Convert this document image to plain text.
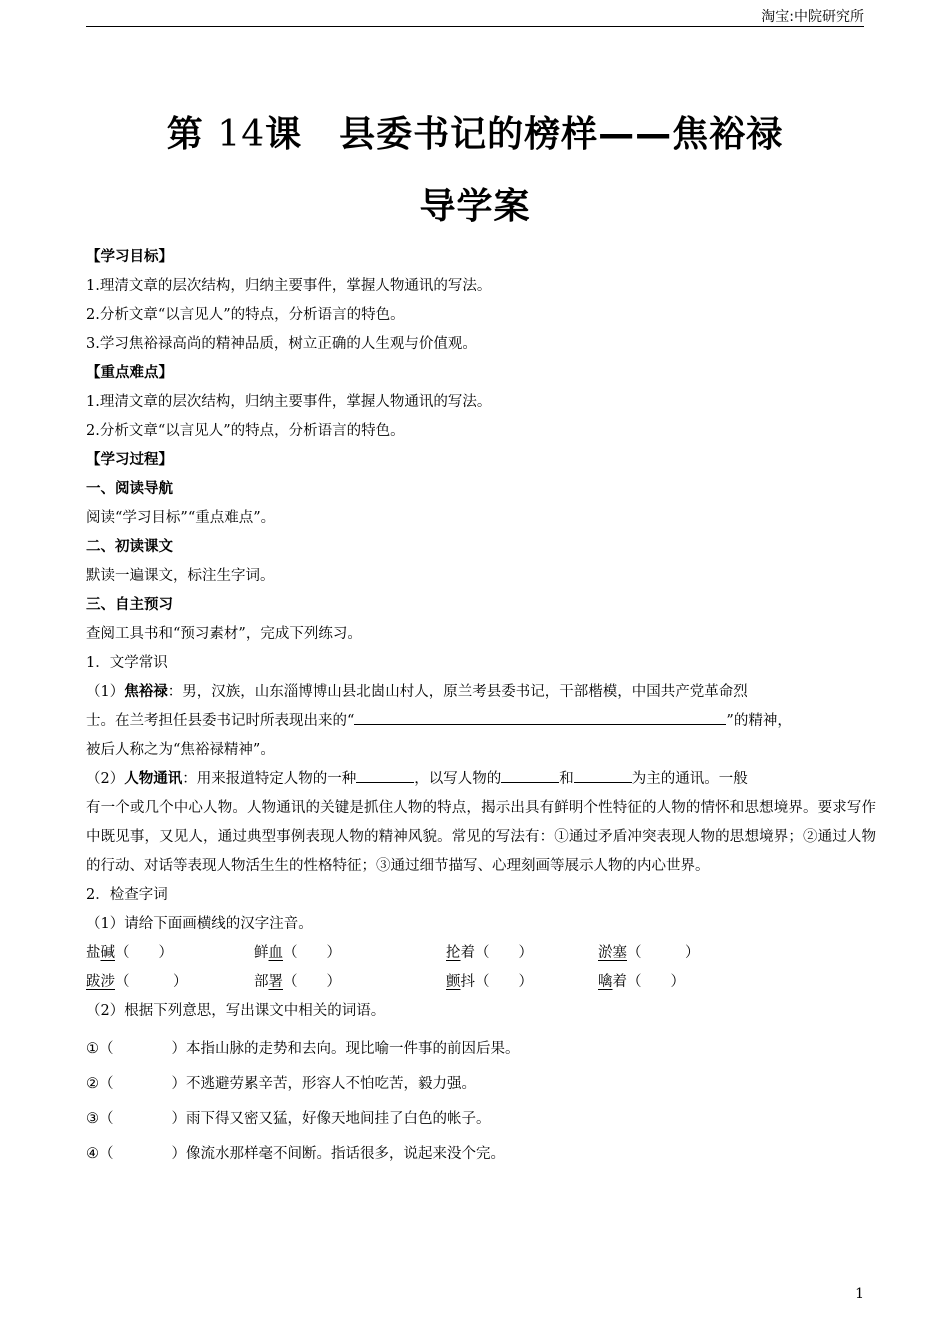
淘宝:中院研究所
第 14课　县委书记的榜样——焦裕禄
导学案
【学习目标】
1.理清文章的层次结构，归纳主要事件，掌握人物通讯的写法。
2.分析文章“以言见人”的特点，分析语言的特色。
3.学习焦裕禄高尚的精神品质，树立正确的人生观与价值观。
【重点难点】
1.理清文章的层次结构，归纳主要事件，掌握人物通讯的写法。
2.分析文章“以言见人”的特点，分析语言的特色。
【学习过程】
一、阅读导航
阅读“学习目标”“重点难点”。
二、初读课文
默读一遍课文，标注生字词。
三、自主预习
查阅工具书和“预习素材”，完成下列练习。
1．文学常识
（1）焦裕禄：男，汉族，山东淄博博山县北崮山村人，原兰考县委书记，干部楷模，中国共产党革命烈
士。在兰考担任县委书记时所表现出来的“	”的精神，
被后人称之为“焦裕禄精神”。
（2）人物通讯：用来报道特定人物的一种	，以写人物的	和	为主的通讯。一般
有一个或几个中心人物。人物通讯的关键是抓住人物的特点，揭示出具有鲜明个性特征的人物的情怀和思想境界。要求写作中既见事，又见人，通过典型事例表现人物的精神风貌。常见的写法有：①通过矛盾冲突表现人物的思想境界；②通过人物的行动、对话等表现人物活生生的性格特征；③通过细节描写、心理刻画等展示人物的内心世界。
2．检查字词
（1）请给下面画横线的汉字注音。
盐碱（　　）	鲜血（　　）	抡着（　　）	淤塞（　　　）
跋涉（　　　）	部署（　　）	颤抖（　　）	噙着（　　）
（2）根据下列意思，写出课文中相关的词语。
①（	）本指山脉的走势和去向。现比喻一件事的前因后果。
②（	）不逃避劳累辛苦，形容人不怕吃苦，毅力强。
③（	）雨下得又密又猛，好像天地间挂了白色的帐子。
④（	）像流水那样毫不间断。指话很多，说起来没个完。
1
